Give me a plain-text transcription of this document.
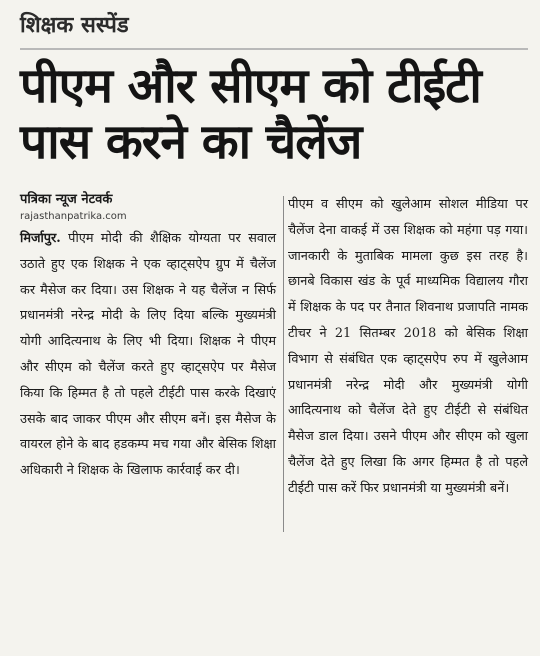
शिक्षक सस्पेंड
पीएम और सीएम को टीईटी पास करने का चैलेंज
पत्रिका न्यूज नेटवर्क
rajasthanpatrika.com
मिर्जापुर. पीएम मोदी की शैक्षिक योग्यता पर सवाल उठाते हुए एक शिक्षक ने एक व्हाट्सऐप ग्रुप में चैलेंज कर मैसेज कर दिया। उस शिक्षक ने यह चैलेंज न सिर्फ प्रधानमंत्री नरेन्द्र मोदी के लिए दिया बल्कि मुख्यमंत्री योगी आदित्यनाथ के लिए भी दिया। शिक्षक ने पीएम और सीएम को चैलेंज करते हुए व्हाट्सऐप पर मैसेज किया कि हिम्मत है तो पहले टीईटी पास करके दिखाएं उसके बाद जाकर पीएम और सीएम बनें। इस मैसेज के वायरल होने के बाद हडकम्प मच गया और बेसिक शिक्षा अधिकारी ने शिक्षक के खिलाफ कार्रवाई कर दी।
पीएम व सीएम को खुलेआम सोशल मीडिया पर चैलेंज देना वाकई में उस शिक्षक को महंगा पड़ गया। जानकारी के मुताबिक मामला कुछ इस तरह है। छानबे विकास खंड के पूर्व माध्यमिक विद्यालय गौरा में शिक्षक के पद पर तैनात शिवनाथ प्रजापति नामक टीचर ने 21 सितम्बर 2018 को बेसिक शिक्षा विभाग से संबंधित एक व्हाट्सऐप रुप में खुलेआम प्रधानमंत्री नरेन्द्र मोदी और मुख्यमंत्री योगी आदित्यनाथ को चैलेंज देते हुए टीईटी से संबंधित मैसेज डाल दिया। उसने पीएम और सीएम को खुला चैलेंज देते हुए लिखा कि अगर हिम्मत है तो पहले टीईटी पास करें फिर प्रधानमंत्री या मुख्यमंत्री बनें।
